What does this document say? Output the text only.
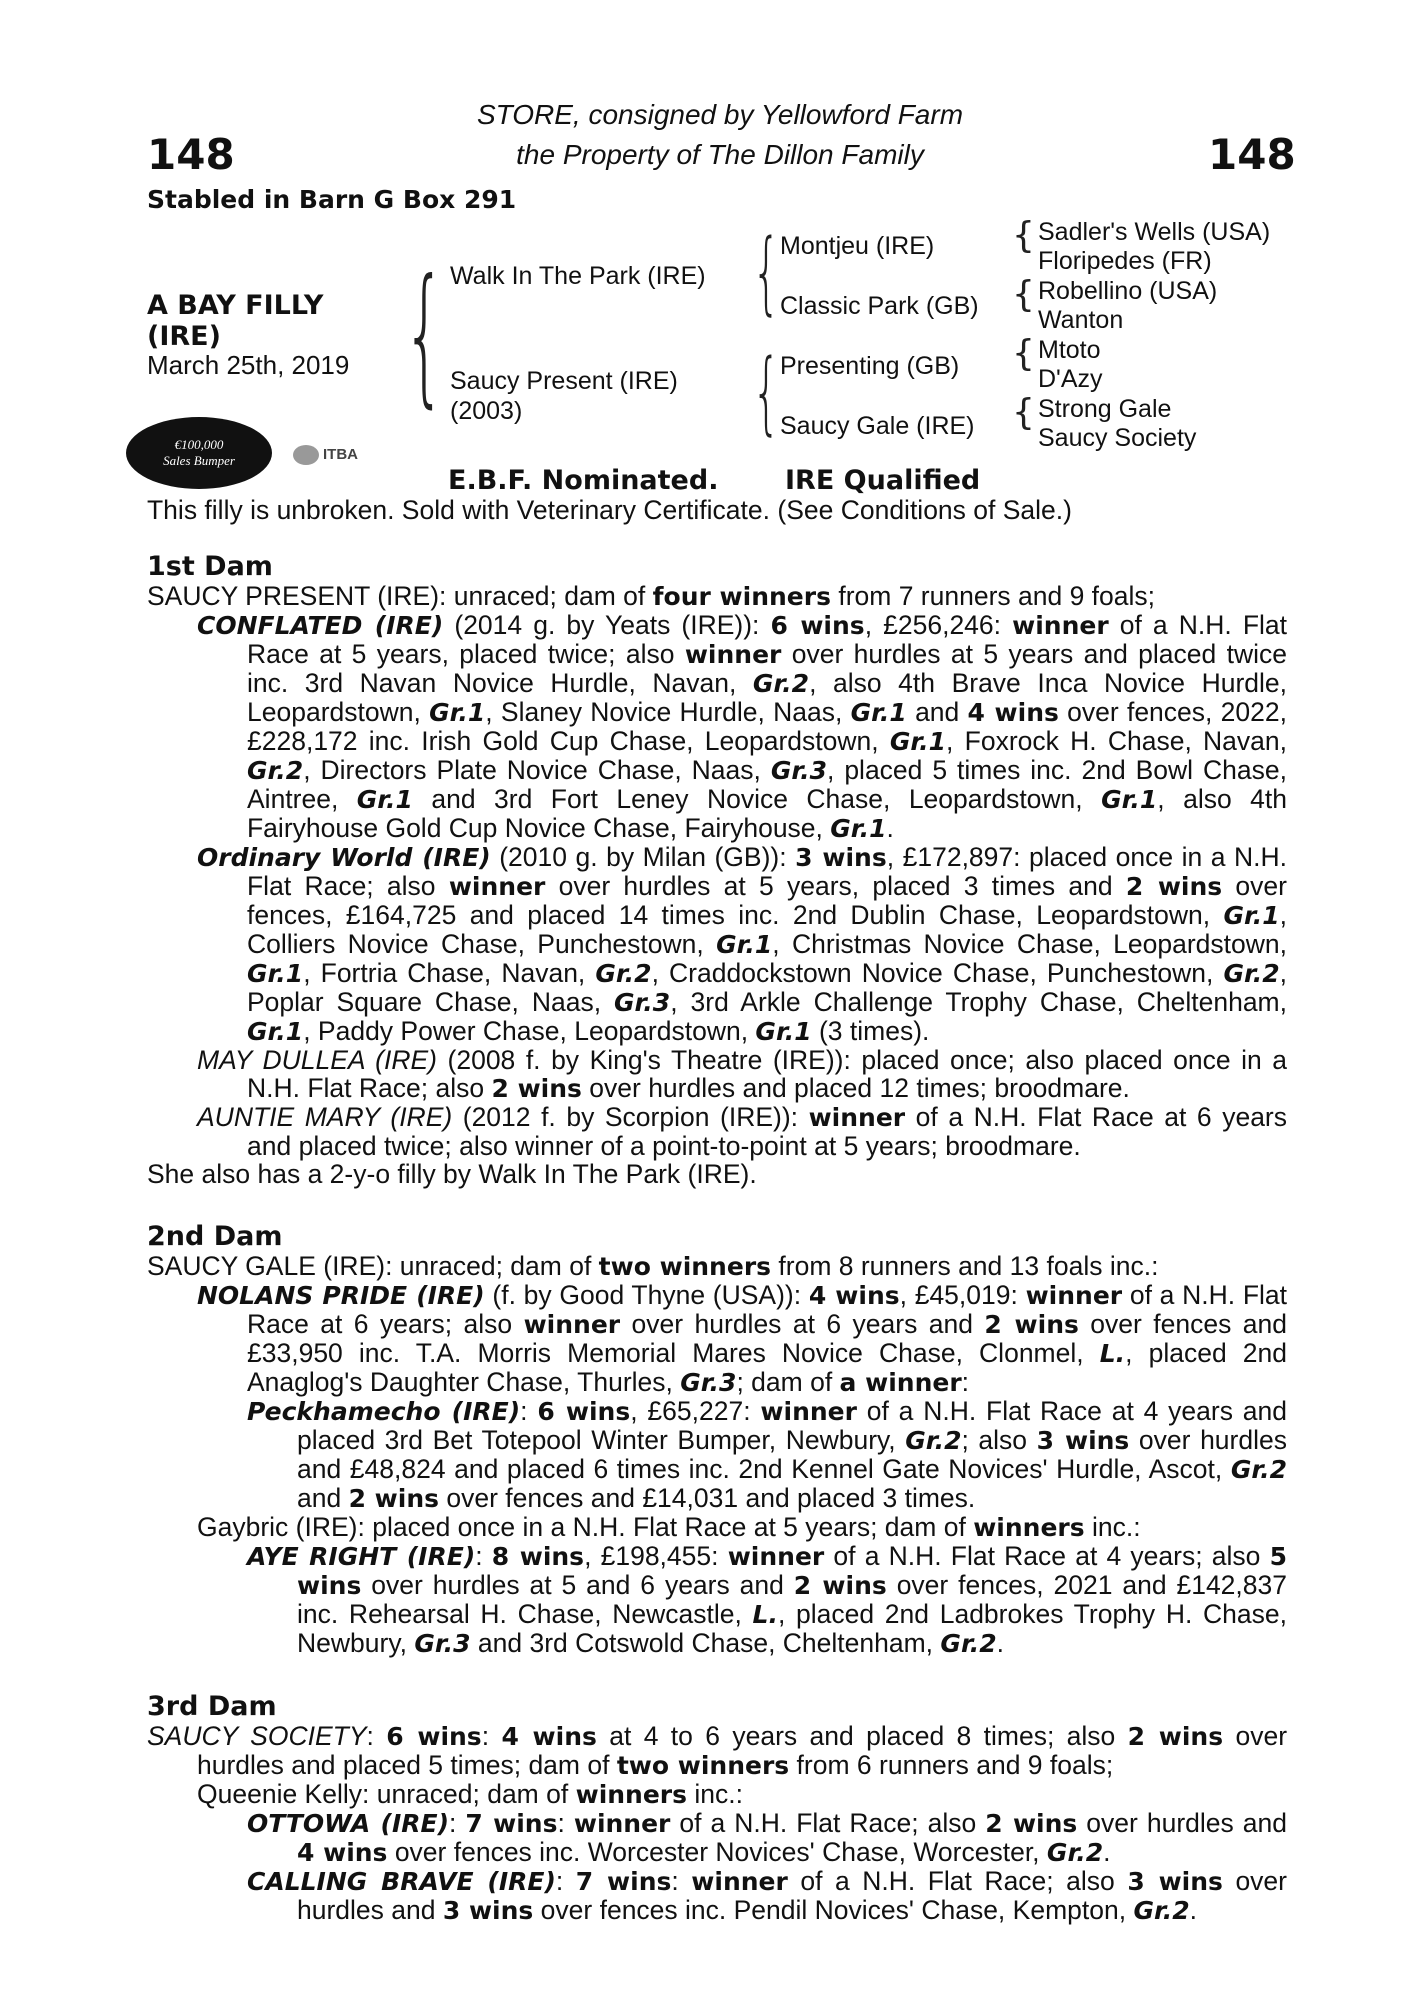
148	148
STORE, consigned by Yellowford Farm
the Property of The Dillon Family
Stabled in Barn G Box 291
A BAY FILLY
(IRE)
March 25th, 2019 { Walk In The Park (IRE)
Saucy Present (IRE)
(2003)
{
{
Montjeu (IRE)
Classic Park (GB)
Presenting (GB)
Saucy Gale (IRE)
{
{
{
{
Sadler's Wells (USA)
Floripedes (FR)
Robellino (USA)
Wanton
Mtoto
D'Azy
Strong Gale
Saucy Society
€100,000
Sales Bumper	ITBA
E.B.F. Nominated. IRE Qualified
This filly is unbroken. Sold with Veterinary Certificate. (See Conditions of Sale.)
1st Dam

SAUCY PRESENT (IRE): unraced; dam of four winners from 7 runners and 9 foals;

CONFLATED (IRE) (2014 g. by Yeats (IRE)): 6 wins, £256,246: winner of a N.H. Flat Race at 5 years, placed twice; also winner over hurdles at 5 years and placed twice inc. 3rd Navan Novice Hurdle, Navan, Gr.2, also 4th Brave Inca Novice Hurdle, Leopardstown, Gr.1, Slaney Novice Hurdle, Naas, Gr.1 and 4 wins over fences, 2022, £228,172 inc. Irish Gold Cup Chase, Leopardstown, Gr.1, Foxrock H. Chase, Navan, Gr.2, Directors Plate Novice Chase, Naas, Gr.3, placed 5 times inc. 2nd Bowl Chase, Aintree, Gr.1 and 3rd Fort Leney Novice Chase, Leopardstown, Gr.1, also 4th Fairyhouse Gold Cup Novice Chase, Fairyhouse, Gr.1.

Ordinary World (IRE) (2010 g. by Milan (GB)): 3 wins, £172,897: placed once in a N.H. Flat Race; also winner over hurdles at 5 years, placed 3 times and 2 wins over fences, £164,725 and placed 14 times inc. 2nd Dublin Chase, Leopardstown, Gr.1, Colliers Novice Chase, Punchestown, Gr.1, Christmas Novice Chase, Leopardstown, Gr.1, Fortria Chase, Navan, Gr.2, Craddockstown Novice Chase, Punchestown, Gr.2, Poplar Square Chase, Naas, Gr.3, 3rd Arkle Challenge Trophy Chase, Cheltenham, Gr.1, Paddy Power Chase, Leopardstown, Gr.1 (3 times).

MAY DULLEA (IRE) (2008 f. by King's Theatre (IRE)): placed once; also placed once in a N.H. Flat Race; also 2 wins over hurdles and placed 12 times; broodmare.

AUNTIE MARY (IRE) (2012 f. by Scorpion (IRE)): winner of a N.H. Flat Race at 6 years and placed twice; also winner of a point-to-point at 5 years; broodmare.

She also has a 2-y-o filly by Walk In The Park (IRE).

2nd Dam

SAUCY GALE (IRE): unraced; dam of two winners from 8 runners and 13 foals inc.:

NOLANS PRIDE (IRE) (f. by Good Thyne (USA)): 4 wins, £45,019: winner of a N.H. Flat Race at 6 years; also winner over hurdles at 6 years and 2 wins over fences and £33,950 inc. T.A. Morris Memorial Mares Novice Chase, Clonmel, L., placed 2nd Anaglog's Daughter Chase, Thurles, Gr.3; dam of a winner:

Peckhamecho (IRE): 6 wins, £65,227: winner of a N.H. Flat Race at 4 years and placed 3rd Bet Totepool Winter Bumper, Newbury, Gr.2; also 3 wins over hurdles and £48,824 and placed 6 times inc. 2nd Kennel Gate Novices' Hurdle, Ascot, Gr.2 and 2 wins over fences and £14,031 and placed 3 times.

Gaybric (IRE): placed once in a N.H. Flat Race at 5 years; dam of winners inc.:

AYE RIGHT (IRE): 8 wins, £198,455: winner of a N.H. Flat Race at 4 years; also 5 wins over hurdles at 5 and 6 years and 2 wins over fences, 2021 and £142,837 inc. Rehearsal H. Chase, Newcastle, L., placed 2nd Ladbrokes Trophy H. Chase, Newbury, Gr.3 and 3rd Cotswold Chase, Cheltenham, Gr.2.

3rd Dam

SAUCY SOCIETY: 6 wins: 4 wins at 4 to 6 years and placed 8 times; also 2 wins over hurdles and placed 5 times; dam of two winners from 6 runners and 9 foals;

Queenie Kelly: unraced; dam of winners inc.:

OTTOWA (IRE): 7 wins: winner of a N.H. Flat Race; also 2 wins over hurdles and 4 wins over fences inc. Worcester Novices' Chase, Worcester, Gr.2.

CALLING BRAVE (IRE): 7 wins: winner of a N.H. Flat Race; also 3 wins over hurdles and 3 wins over fences inc. Pendil Novices' Chase, Kempton, Gr.2.
